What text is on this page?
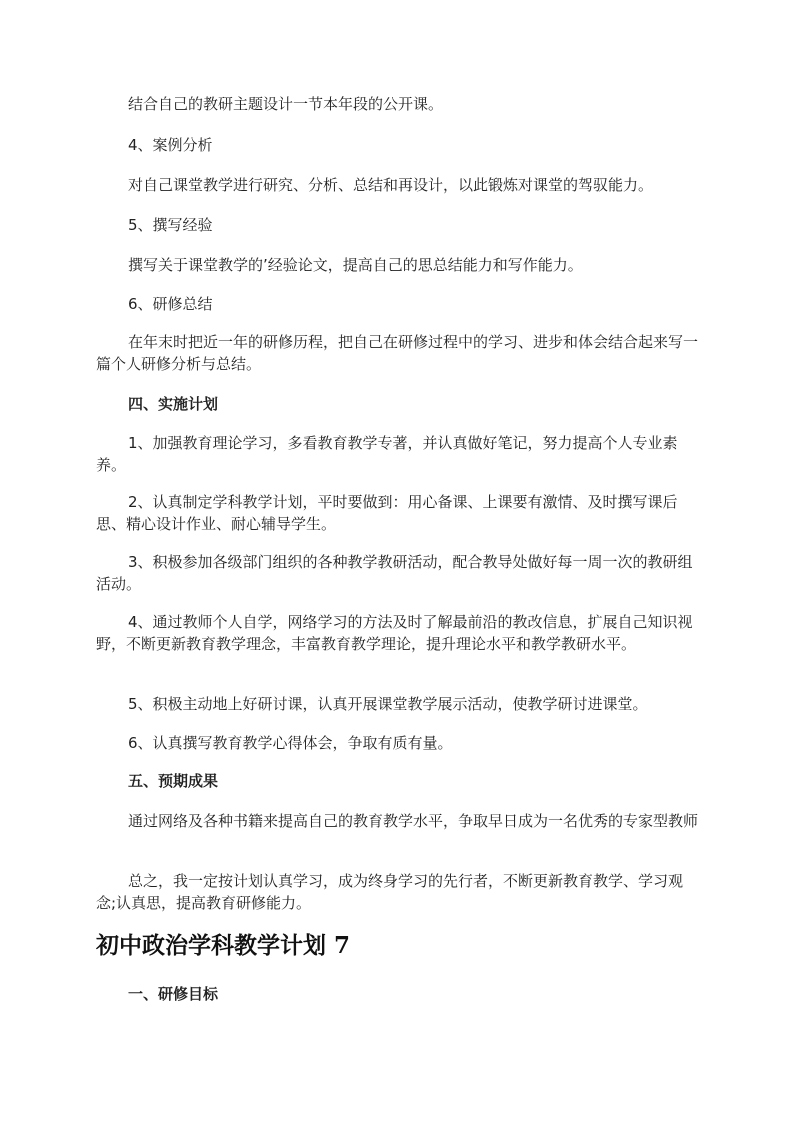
结合自己的教研主题设计一节本年段的公开课。

4、案例分析

对自己课堂教学进行研究、分析、总结和再设计，以此锻炼对课堂的驾驭能力。

5、撰写经验

撰写关于课堂教学的’经验论文，提高自己的思总结能力和写作能力。

6、研修总结

在年末时把近一年的研修历程，把自己在研修过程中的学习、进步和体会结合起来写一篇个人研修分析与总结。

四、实施计划

1、加强教育理论学习，多看教育教学专著，并认真做好笔记，努力提高个人专业素养。

2、认真制定学科教学计划，平时要做到：用心备课、上课要有激情、及时撰写课后思、精心设计作业、耐心辅导学生。

3、积极参加各级部门组织的各种教学教研活动，配合教导处做好每一周一次的教研组活动。

4、通过教师个人自学，网络学习的方法及时了解最前沿的教改信息，扩展自己知识视野，不断更新教育教学理念，丰富教育教学理论，提升理论水平和教学教研水平。

5、积极主动地上好研讨课，认真开展课堂教学展示活动，使教学研讨进课堂。

6、认真撰写教育教学心得体会，争取有质有量。

五、预期成果

通过网络及各种书籍来提高自己的教育教学水平，争取早日成为一名优秀的专家型教师

总之，我一定按计划认真学习，成为终身学习的先行者，不断更新教育教学、学习观念;认真思，提高教育研修能力。

初中政治学科教学计划 7

一、研修目标
